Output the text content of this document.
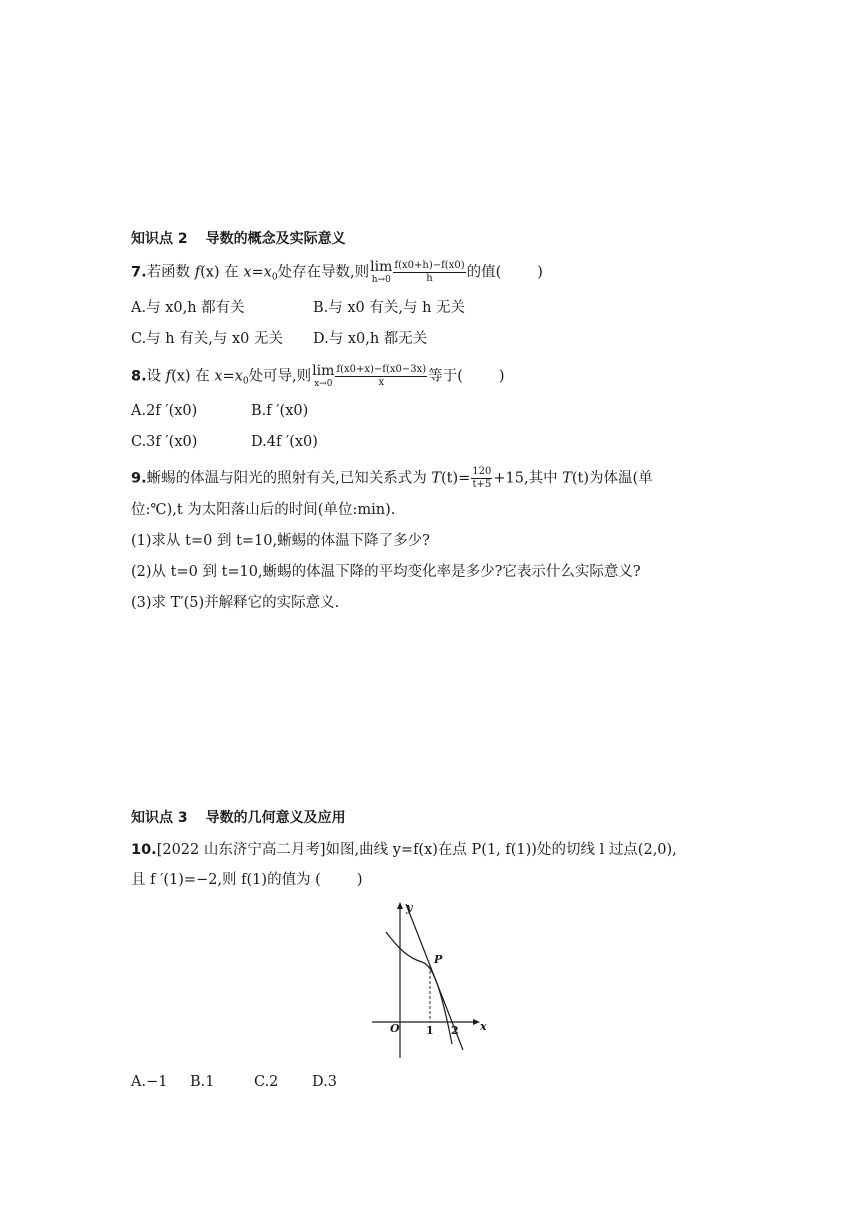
知识点 2 导数的概念及实际意义
7.若函数 f(x) 在 $x=x_0$处存在导数,则 lim
$h\to 0 \frac{f(x0+h)-f(x0)}{h}$ 的值( )
A.与 x0,h 都有关	B.与 x0 有关,与 h 无关
C.与 h 有关,与 x0 无关 D.与 x0,h 都无关
8.设 f(x) 在 $x=x_0$处可导,则 lim
$x\to 0 \frac{f(x0+x)-f(x0-3x)}{x}$ 等于( )
A.2f ′(x0)	B.f ′(x0)
C.3f ′(x0)	D.4f ′(x0)
9.蜥蜴的体温与阳光的照射有关,已知关系式为 $T(t)= \frac{120}{t+5} +15$,其中 T(t)为体温(单
位:℃),t 为太阳落山后的时间(单位:min).
(1)求从 t=0 到 t=10,蜥蜴的体温下降了多少?
(2)从 t=0 到 t=10,蜥蜴的体温下降的平均变化率是多少?它表示什么实际意义?
(3)求 T′(5)并解释它的实际意义.
知识点 3 导数的几何意义及应用
10.[2022 山东济宁高二月考]如图,曲线 y=f(x)在点 P(1, f(1))处的切线 l 过点(2,0),
且 f ′(1)=−2,则 f(1)的值为 ( )
y
x
O 1 2
P
A.−1 B.1	C.2 D.3
